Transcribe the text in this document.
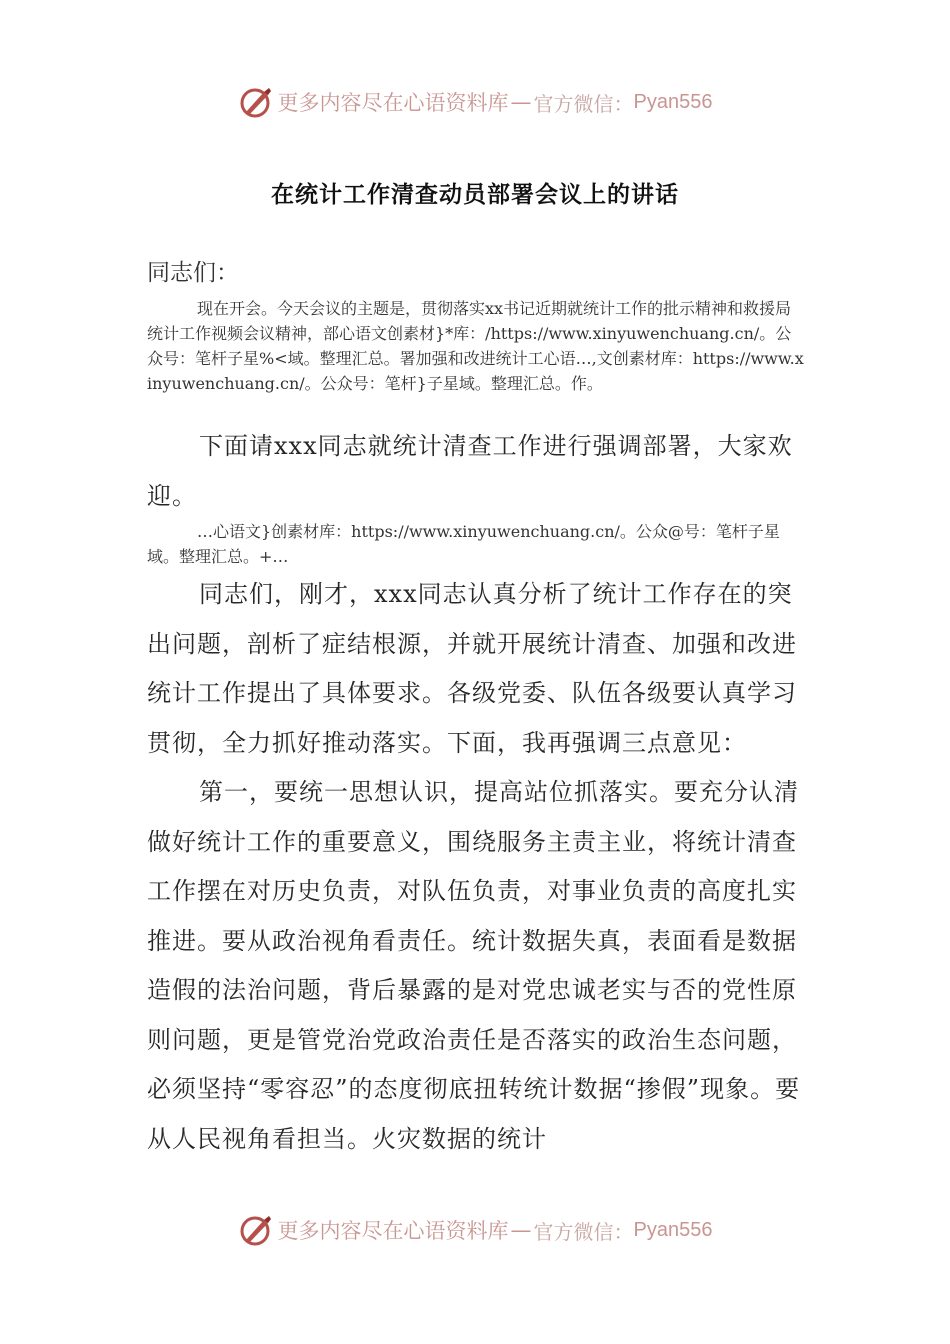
更多内容尽在心语资料库 — 官方微信： Pyan556
在统计工作清查动员部署会议上的讲话
同志们：

现在开会。今天会议的主题是，贯彻落实xx书记近期就统计工作的批示精神和救援局统计工作视频会议精神，部心语文创素材}*库：/https://www.xinyuwenchuang.cn/。公众号：笔杆子星%<域。整理汇总。署加强和改进统计工心语…,文创素材库：https://www.xinyuwenchuang.cn/。公众号：笔杆}子星域。整理汇总。作。

下面请xxx同志就统计清查工作进行强调部署，大家欢迎。

…心语文}创素材库：https://www.xinyuwenchuang.cn/。公众@号：笔杆子星域。整理汇总。+…

同志们，刚才，xxx同志认真分析了统计工作存在的突出问题，剖析了症结根源，并就开展统计清查、加强和改进统计工作提出了具体要求。各级党委、队伍各级要认真学习贯彻，全力抓好推动落实。下面，我再强调三点意见：

第一，要统一思想认识，提高站位抓落实。要充分认清做好统计工作的重要意义，围绕服务主责主业，将统计清查工作摆在对历史负责，对队伍负责，对事业负责的高度扎实推进。要从政治视角看责任。统计数据失真，表面看是数据造假的法治问题，背后暴露的是对党忠诚老实与否的党性原则问题，更是管党治党政治责任是否落实的政治生态问题，必须坚持“零容忍”的态度彻底扭转统计数据“掺假”现象。要从人民视角看担当。火灾数据的统计

更多内容尽在心语资料库 — 官方微信： Pyan556
